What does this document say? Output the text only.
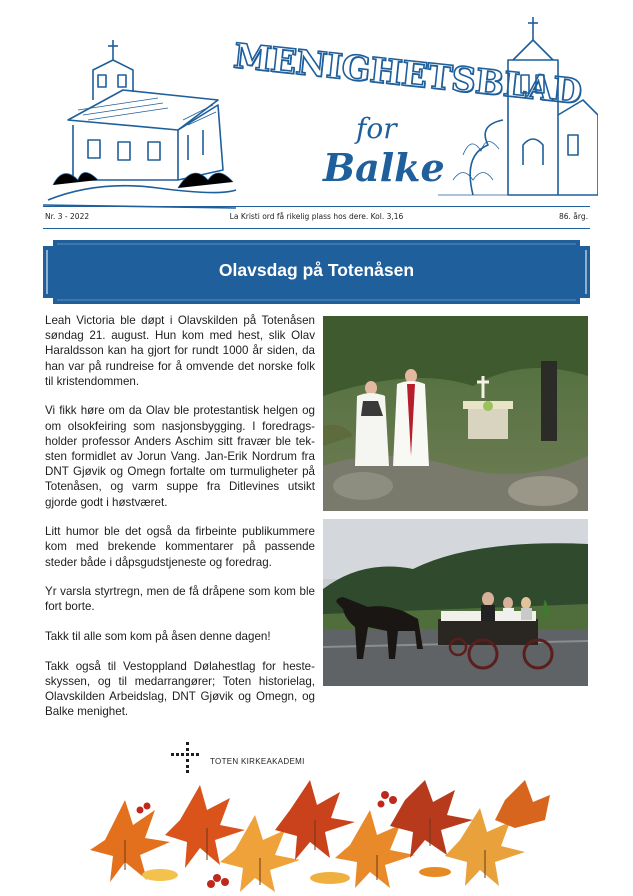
MENIGHETSBLAD
for
Balke
Nr. 3 - 2022	La Kristi ord få rikelig plass hos dere. Kol. 3,16	86. årg.
Olavsdag på Totenåsen

Leah Victoria ble døpt i Olavskilden på Totenåsen søndag 21. august. Hun kom med hest, slik Olav Haraldsson kan ha gjort for rundt 1000 år siden, da han var på rundreise for å omvende det norske folk til kristendommen.

Vi fikk høre om da Olav ble protestantisk helgen og om olsokfeiring som nasjonsbygging. I foredragsholder professor Anders Aschim sitt fravær ble teksten formidlet av Jorun Vang. Jan-Erik Nordrum fra DNT Gjøvik og Omegn fortalte om turmuligheter på Totenåsen, og varm suppe fra Ditlevines utsikt gjorde godt i høstværet.

Litt humor ble det også da firbeinte publikummere kom med brekende kommentarer på passende steder både i dåpsgudstjeneste og foredrag.

Yr varsla styrtregn, men de få dråpene som kom ble fort borte.

Takk til alle som kom på åsen denne dagen!

Takk også til Vestoppland Dølahestlag for hesteskyssen, og til medarrangører; Toten historielag, Olavskilden Arbeidslag, DNT Gjøvik og Omegn, og Balke menighet.

TOTEN KIRKEAKADEMI
